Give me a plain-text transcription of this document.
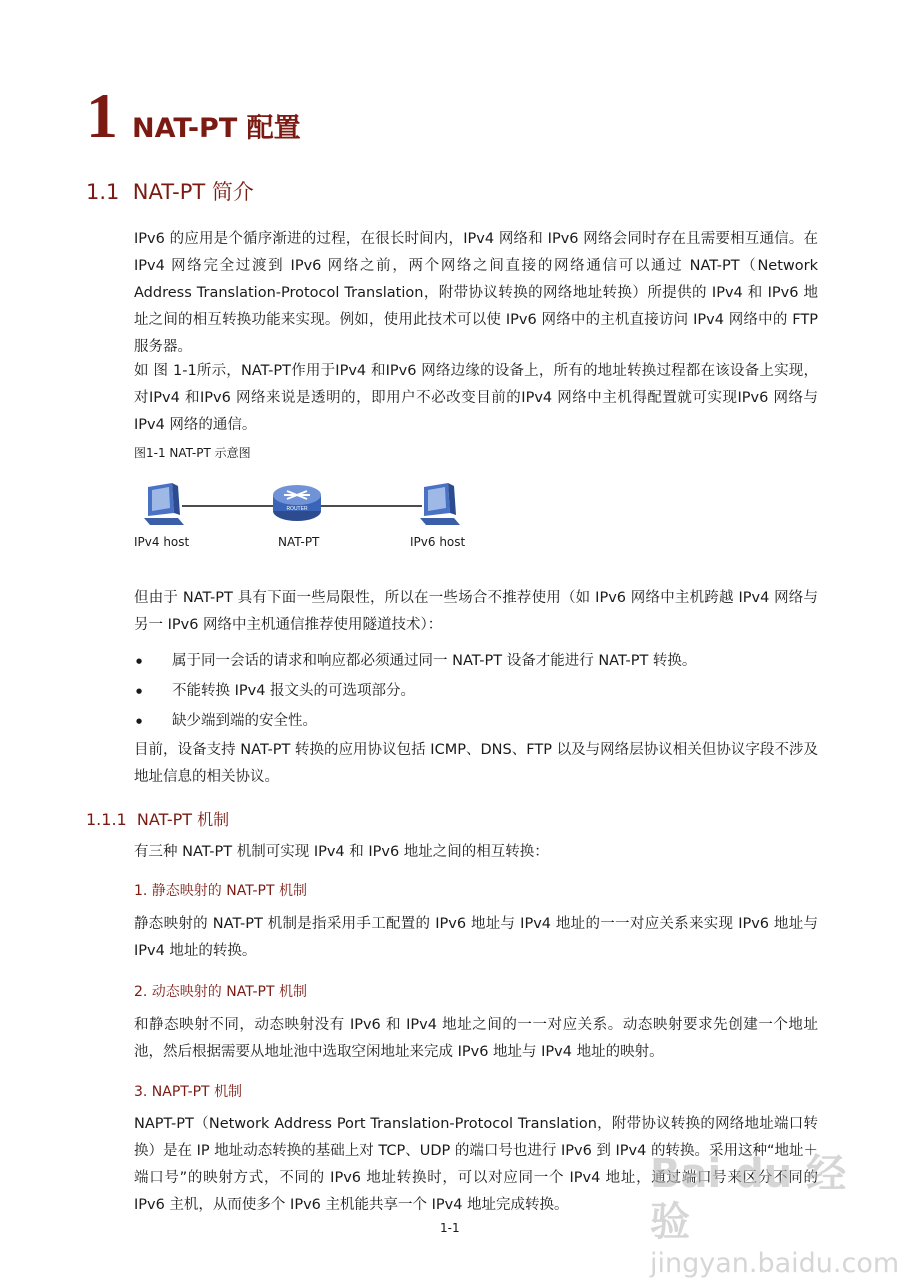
1 NAT-PT 配置
1.1 NAT-PT 简介

IPv6 的应用是个循序渐进的过程，在很长时间内，IPv4 网络和 IPv6 网络会同时存在且需要相互通信。在 IPv4 网络完全过渡到 IPv6 网络之前，两个网络之间直接的网络通信可以通过 NAT-PT（Network Address Translation-Protocol Translation，附带协议转换的网络地址转换）所提供的 IPv4 和 IPv6 地址之间的相互转换功能来实现。例如，使用此技术可以使 IPv6 网络中的主机直接访问 IPv4 网络中的 FTP 服务器。

如 图 1-1所示，NAT-PT作用于IPv4 和IPv6 网络边缘的设备上，所有的地址转换过程都在该设备上实现，对IPv4 和IPv6 网络来说是透明的，即用户不必改变目前的IPv4 网络中主机得配置就可实现IPv6 网络与IPv4 网络的通信。

图1-1 NAT-PT 示意图
ROUTER
IPv4 host	NAT-PT	IPv6 host

但由于 NAT-PT 具有下面一些局限性，所以在一些场合不推荐使用（如 IPv6 网络中主机跨越 IPv4 网络与另一 IPv6 网络中主机通信推荐使用隧道技术）：

● 属于同一会话的请求和响应都必须通过同一 NAT-PT 设备才能进行 NAT-PT 转换。
● 不能转换 IPv4 报文头的可选项部分。
● 缺少端到端的安全性。

目前，设备支持 NAT-PT 转换的应用协议包括 ICMP、DNS、FTP 以及与网络层协议相关但协议字段不涉及地址信息的相关协议。

1.1.1 NAT-PT 机制

有三种 NAT-PT 机制可实现 IPv4 和 IPv6 地址之间的相互转换：

1. 静态映射的 NAT-PT 机制

静态映射的 NAT-PT 机制是指采用手工配置的 IPv6 地址与 IPv4 地址的一一对应关系来实现 IPv6 地址与 IPv4 地址的转换。

2. 动态映射的 NAT-PT 机制

和静态映射不同，动态映射没有 IPv6 和 IPv4 地址之间的一一对应关系。动态映射要求先创建一个地址池，然后根据需要从地址池中选取空闲地址来完成 IPv6 地址与 IPv4 地址的映射。

3. NAPT-PT 机制

NAPT-PT（Network Address Port Translation-Protocol Translation，附带协议转换的网络地址端口转换）是在 IP 地址动态转换的基础上对 TCP、UDP 的端口号也进行 IPv6 到 IPv4 的转换。采用这种“地址＋端口号”的映射方式，不同的 IPv6 地址转换时，可以对应同一个 IPv4 地址，通过端口号来区分不同的 IPv6 主机，从而使多个 IPv6 主机能共享一个 IPv4 地址完成转换。

1-1
Bai du 经验
jingyan.baidu.com
